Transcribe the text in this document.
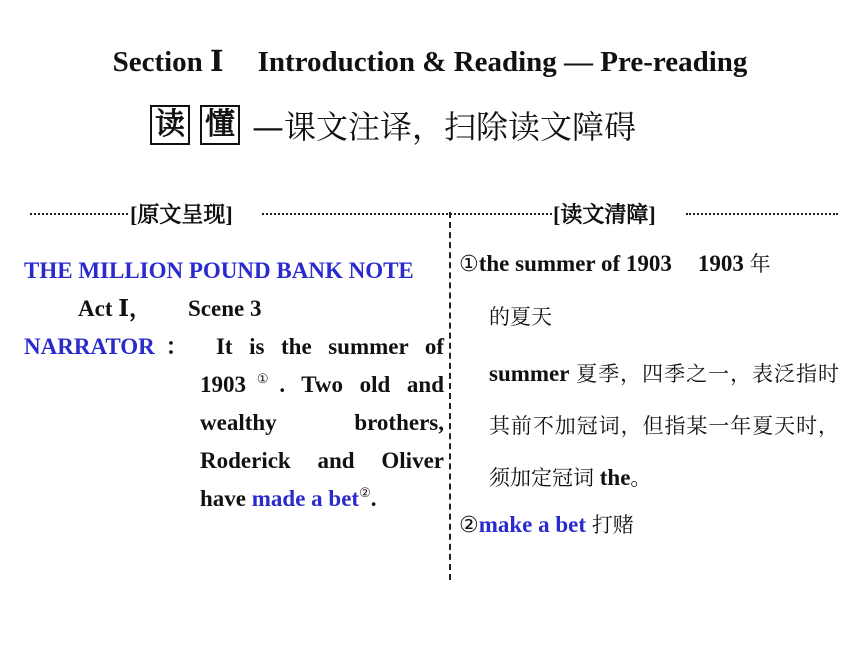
Section Ⅰ Introduction & Reading — Pre-reading
读 懂 —课文注译，扫除读文障碍
[原文呈现]	[读文清障]
THE MILLION POUND BANK NOTE
Act Ⅰ， Scene 3
NARRATOR： It is the summer of
1903①. Two old and
wealthy brothers,
Roderick and Oliver
have made a bet②.
①the summer of 1903 1903 年
的夏天
summer 夏季，四季之一，表泛指时其前不加冠词，但指某一年夏天时，须加定冠词 the。
②make a bet 打赌
